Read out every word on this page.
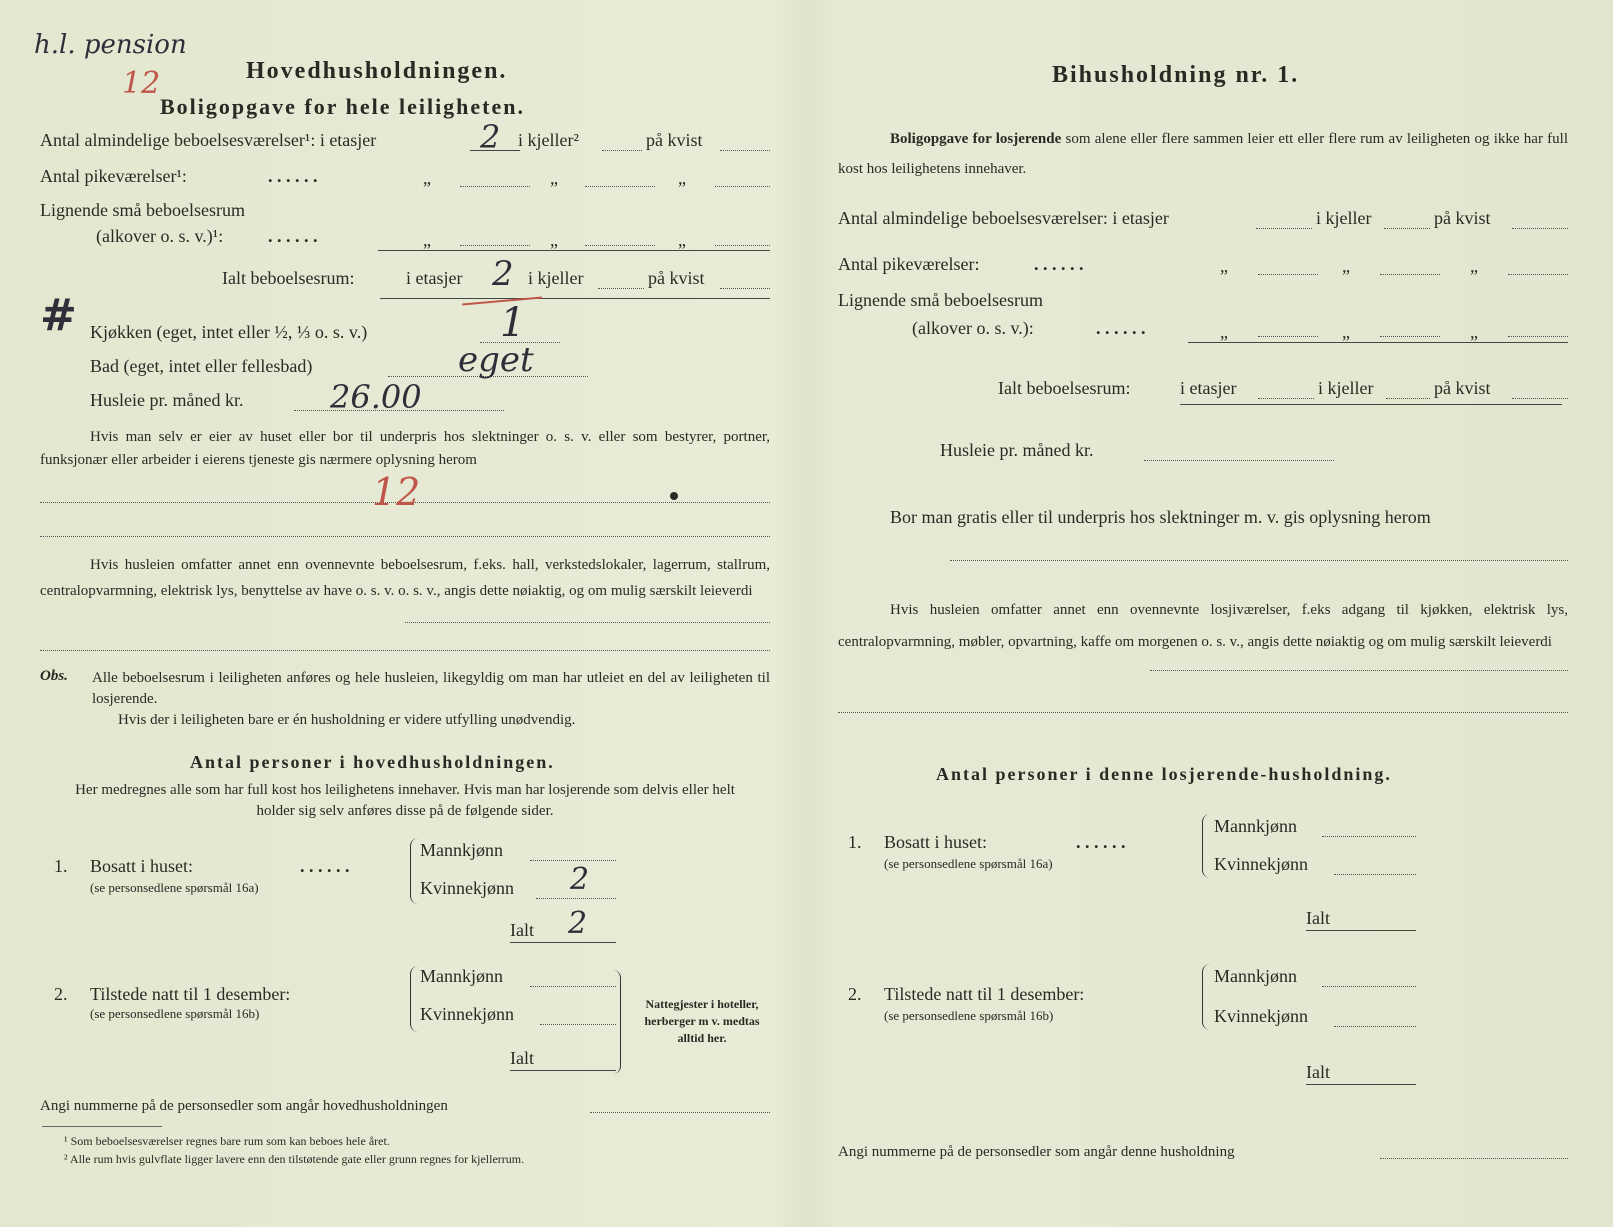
h.l. pension
12	Hovedhusholdningen.
Boligopgave for hele leiligheten.
Antal almindelige beboelsesværelser¹: i etasjer	2 i kjeller²	på kvist
Antal pikeværelser¹:	. . . . . .	„	„	„
Lignende små beboelsesrum
(alkover o. s. v.)¹: . . . . . .	„	„	„
Ialt beboelsesrum:	i etasjer 2 i kjeller	på kvist
# Kjøkken (eget, intet eller ½, ⅓ o. s. v.)	1
Bad (eget, intet eller fellesbad)	eget
Husleie pr. måned kr.	26.00
Hvis man selv er eier av huset eller bor til underpris hos slektninger o. s. v. eller som bestyrer, portner, funksjonær eller arbeider i eierens tjeneste gis nærmere oplysning herom
12
Hvis husleien omfatter annet enn ovennevnte beboelsesrum, f.eks. hall, verkstedslokaler, lagerrum, stallrum, centralopvarmning, elektrisk lys, benyttelse av have o. s. v. o. s. v., angis dette nøiaktig, og om mulig særskilt leieverdi
Obs. Alle beboelsesrum i leiligheten anføres og hele husleien, likegyldig om man har utleiet en del av leiligheten til losjerende.
Hvis der i leiligheten bare er én husholdning er videre utfylling unødvendig.
Antal personer i hovedhusholdningen.
Her medregnes alle som har full kost hos leilighetens innehaver. Hvis man har losjerende som delvis eller helt holder sig selv anføres disse på de følgende sider.
1. Bosatt i huset:	. . . . . .
(se personsedlene spørsmål 16a)
Mannkjønn
Kvinnekjønn 2
Ialt 2
2. Tilstede natt til 1 desember:
(se personsedlene spørsmål 16b)
Mannkjønn
Kvinnekjønn
Ialt
Nattegjester i hoteller, herberger m v. medtas alltid her.
Angi nummerne på de personsedler som angår hovedhusholdningen
¹ Som beboelsesværelser regnes bare rum som kan beboes hele året.
² Alle rum hvis gulvflate ligger lavere enn den tilstøtende gate eller grunn regnes for kjellerrum.
Bihusholdning nr. 1.
Boligopgave for losjerende som alene eller flere sammen leier ett eller flere rum av leiligheten og ikke har full kost hos leilighetens innehaver.
Antal almindelige beboelsesværelser: i etasjer	i kjeller	på kvist
Antal pikeværelser:	. . . . . .	„	„	„
Lignende små beboelsesrum
(alkover o. s. v.):	. . . . . .	„	„	„
Ialt beboelsesrum:	i etasjer	i kjeller	på kvist
Husleie pr. måned kr.
Bor man gratis eller til underpris hos slektninger m. v. gis oplysning herom
Hvis husleien omfatter annet enn ovennevnte losjiværelser, f.eks adgang til kjøkken, elektrisk lys, centralopvarmning, møbler, opvartning, kaffe om morgenen o. s. v., angis dette nøiaktig og om mulig særskilt leieverdi
Antal personer i denne losjerende-husholdning.
1. Bosatt i huset:	. . . . . .
(se personsedlene spørsmål 16a)
Mannkjønn
Kvinnekjønn
Ialt
2. Tilstede natt til 1 desember:
(se personsedlene spørsmål 16b)
Mannkjønn
Kvinnekjønn
Ialt
Angi nummerne på de personsedler som angår denne husholdning
